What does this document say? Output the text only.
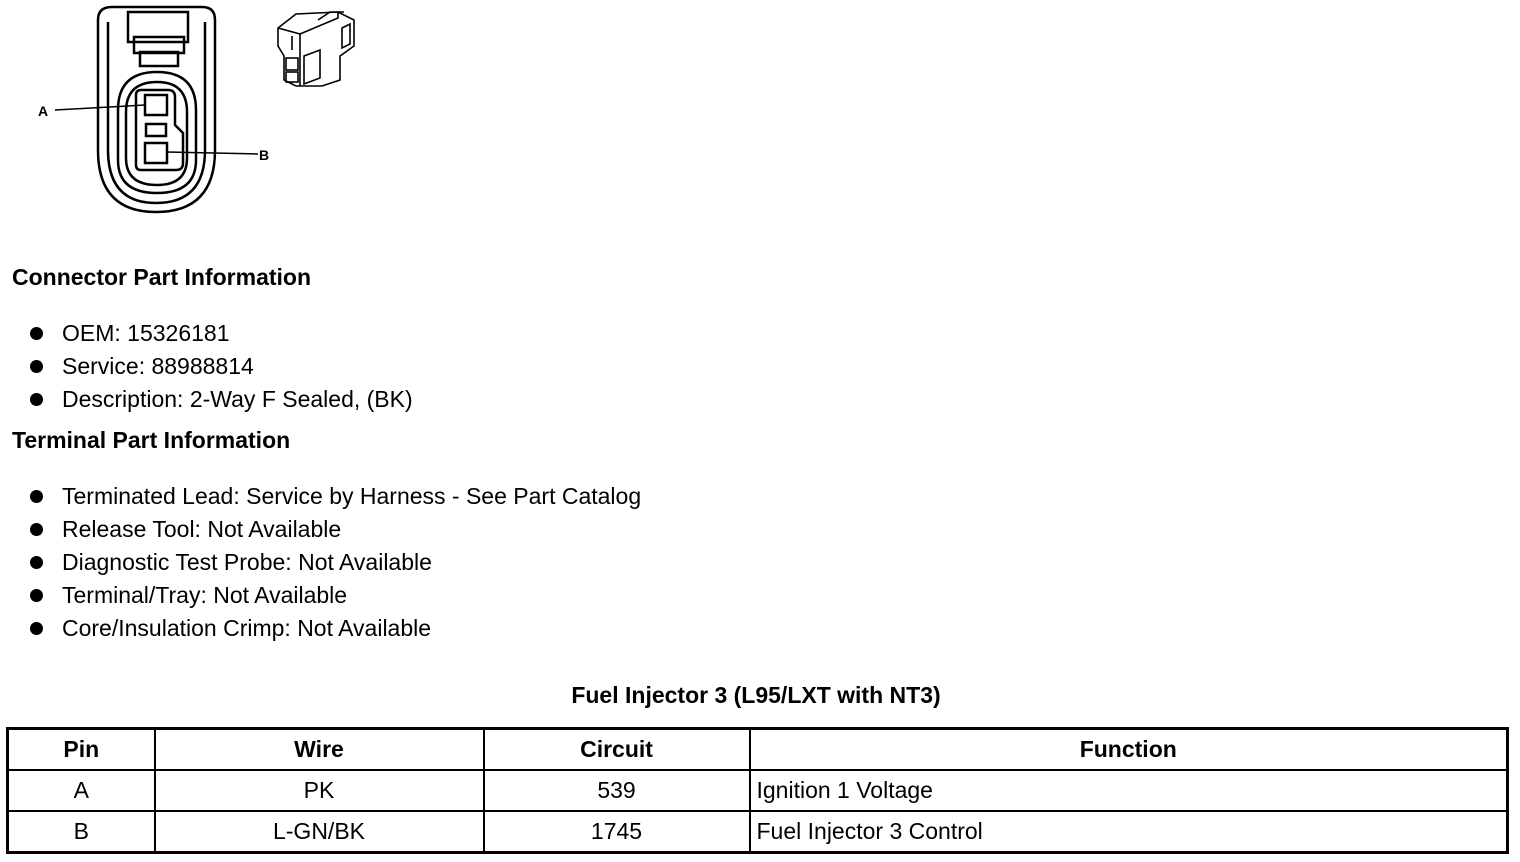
A
B
Connector Part Information
OEM: 15326181
Service: 88988814
Description: 2-Way F Sealed, (BK)
Terminal Part Information
Terminated Lead: Service by Harness - See Part Catalog
Release Tool: Not Available
Diagnostic Test Probe: Not Available
Terminal/Tray: Not Available
Core/Insulation Crimp: Not Available
Fuel Injector 3 (L95/LXT with NT3)
Pin	Wire	Circuit	Function
A	PK	539	Ignition 1 Voltage
B	L-GN/BK	1745	Fuel Injector 3 Control
